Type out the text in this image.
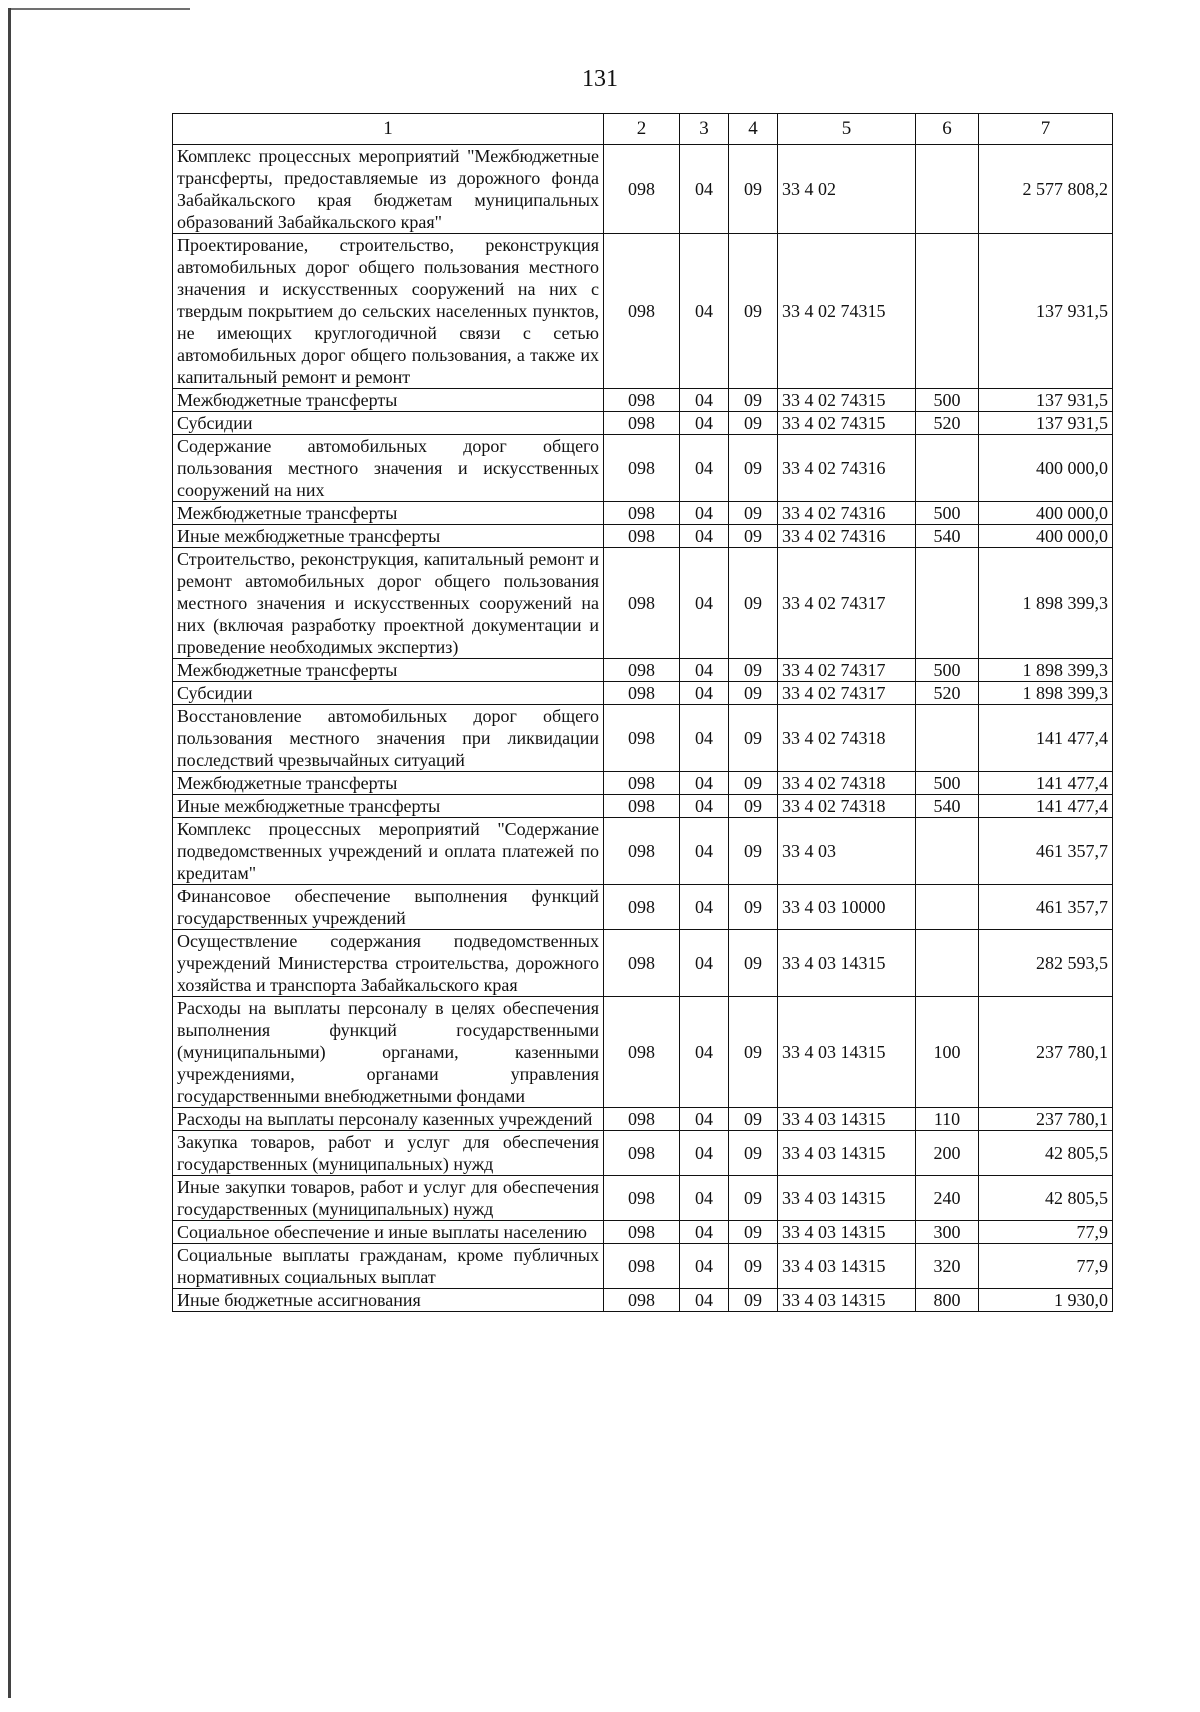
131
1	2	3	4	5	6	7
Комплекс процессных мероприятий "Межбюджетные трансферты, предоставляемые из дорожного фонда Забайкальского края бюджетам муниципальных образований Забайкальского края"	098	04	09	33 4 02		2 577 808,2
Проектирование, строительство, реконструкция автомобильных дорог общего пользования местного значения и искусственных сооружений на них с твердым покрытием до сельских населенных пунктов, не имеющих круглогодичной связи с сетью автомобильных дорог общего пользования, а также их капитальный ремонт и ремонт	098	04	09	33 4 02 74315		137 931,5
Межбюджетные трансферты	098	04	09	33 4 02 74315	500	137 931,5
Субсидии	098	04	09	33 4 02 74315	520	137 931,5
Содержание автомобильных дорог общего пользования местного значения и искусственных сооружений на них	098	04	09	33 4 02 74316		400 000,0
Межбюджетные трансферты	098	04	09	33 4 02 74316	500	400 000,0
Иные межбюджетные трансферты	098	04	09	33 4 02 74316	540	400 000,0
Строительство, реконструкция, капитальный ремонт и ремонт автомобильных дорог общего пользования местного значения и искусственных сооружений на них (включая разработку проектной документации и проведение необходимых экспертиз)	098	04	09	33 4 02 74317		1 898 399,3
Межбюджетные трансферты	098	04	09	33 4 02 74317	500	1 898 399,3
Субсидии	098	04	09	33 4 02 74317	520	1 898 399,3
Восстановление автомобильных дорог общего пользования местного значения при ликвидации последствий чрезвычайных ситуаций	098	04	09	33 4 02 74318		141 477,4
Межбюджетные трансферты	098	04	09	33 4 02 74318	500	141 477,4
Иные межбюджетные трансферты	098	04	09	33 4 02 74318	540	141 477,4
Комплекс процессных мероприятий "Содержание подведомственных учреждений и оплата платежей по кредитам"	098	04	09	33 4 03		461 357,7
Финансовое обеспечение выполнения функций государственных учреждений	098	04	09	33 4 03 10000		461 357,7
Осуществление содержания подведомственных учреждений Министерства строительства, дорожного хозяйства и транспорта Забайкальского края	098	04	09	33 4 03 14315		282 593,5
Расходы на выплаты персоналу в целях обеспечения выполнения функций государственными (муниципальными) органами, казенными учреждениями, органами управления государственными внебюджетными фондами	098	04	09	33 4 03 14315	100	237 780,1
Расходы на выплаты персоналу казенных учреждений	098	04	09	33 4 03 14315	110	237 780,1
Закупка товаров, работ и услуг для обеспечения государственных (муниципальных) нужд	098	04	09	33 4 03 14315	200	42 805,5
Иные закупки товаров, работ и услуг для обеспечения государственных (муниципальных) нужд	098	04	09	33 4 03 14315	240	42 805,5
Социальное обеспечение и иные выплаты населению	098	04	09	33 4 03 14315	300	77,9
Социальные выплаты гражданам, кроме публичных нормативных социальных выплат	098	04	09	33 4 03 14315	320	77,9
Иные бюджетные ассигнования	098	04	09	33 4 03 14315	800	1 930,0
